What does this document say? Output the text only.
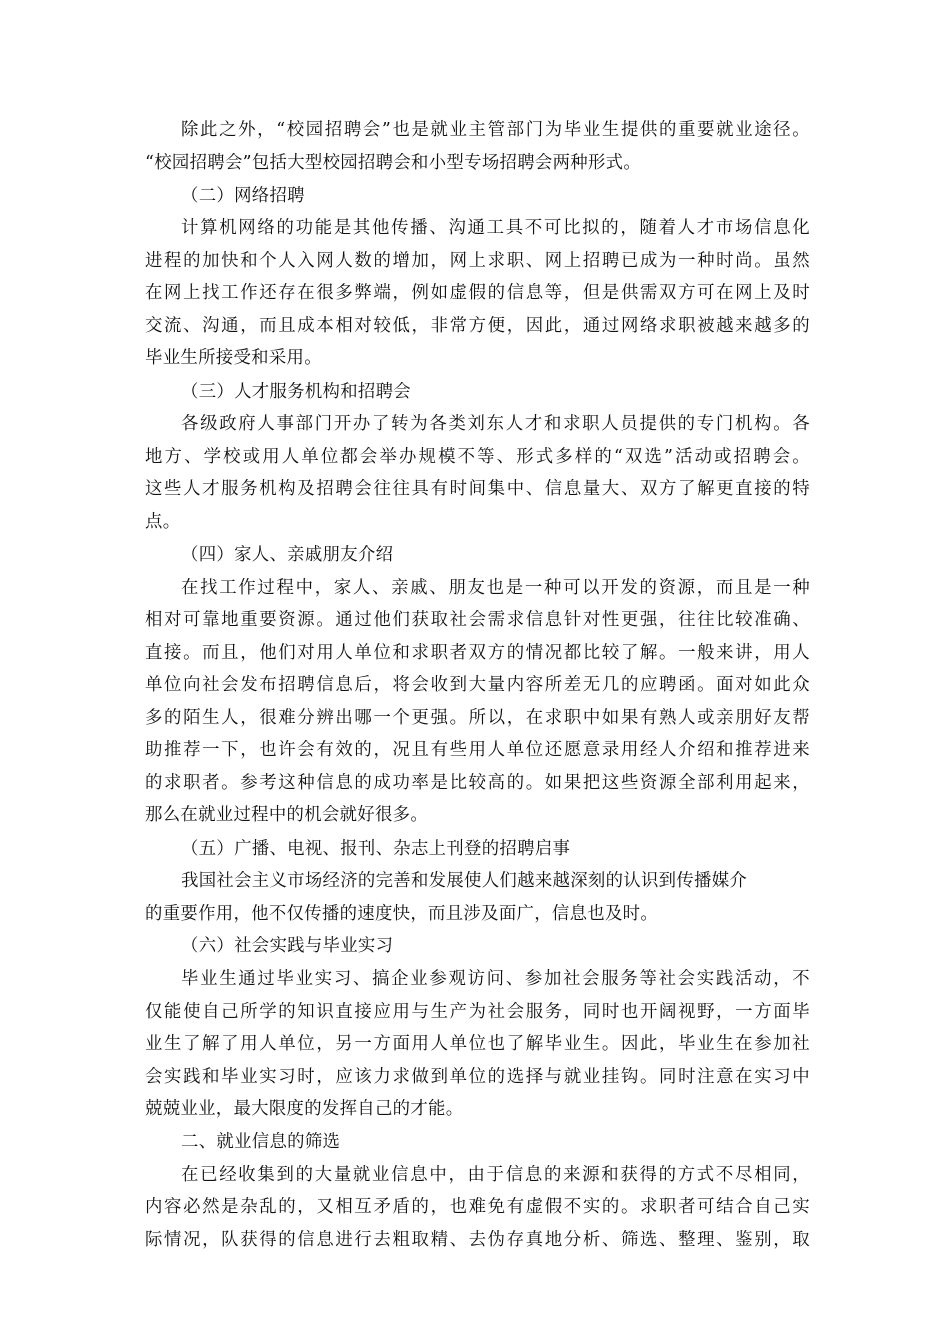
除此之外，“校园招聘会”也是就业主管部门为毕业生提供的重要就业途径。
“校园招聘会”包括大型校园招聘会和小型专场招聘会两种形式。
（二）网络招聘
计算机网络的功能是其他传播、沟通工具不可比拟的，随着人才市场信息化
进程的加快和个人入网人数的增加，网上求职、网上招聘已成为一种时尚。虽然
在网上找工作还存在很多弊端，例如虚假的信息等，但是供需双方可在网上及时
交流、沟通，而且成本相对较低，非常方便，因此，通过网络求职被越来越多的
毕业生所接受和采用。
（三）人才服务机构和招聘会
各级政府人事部门开办了转为各类刘东人才和求职人员提供的专门机构。各
地方、学校或用人单位都会举办规模不等、形式多样的“双选”活动或招聘会。
这些人才服务机构及招聘会往往具有时间集中、信息量大、双方了解更直接的特
点。
（四）家人、亲戚朋友介绍
在找工作过程中，家人、亲戚、朋友也是一种可以开发的资源，而且是一种
相对可靠地重要资源。通过他们获取社会需求信息针对性更强，往往比较准确、
直接。而且，他们对用人单位和求职者双方的情况都比较了解。一般来讲，用人
单位向社会发布招聘信息后，将会收到大量内容所差无几的应聘函。面对如此众
多的陌生人，很难分辨出哪一个更强。所以，在求职中如果有熟人或亲朋好友帮
助推荐一下，也许会有效的，况且有些用人单位还愿意录用经人介绍和推荐进来
的求职者。参考这种信息的成功率是比较高的。如果把这些资源全部利用起来，
那么在就业过程中的机会就好很多。
（五）广播、电视、报刊、杂志上刊登的招聘启事
我国社会主义市场经济的完善和发展使人们越来越深刻的认识到传播媒介
的重要作用，他不仅传播的速度快，而且涉及面广，信息也及时。
（六）社会实践与毕业实习
毕业生通过毕业实习、搞企业参观访问、参加社会服务等社会实践活动，不
仅能使自己所学的知识直接应用与生产为社会服务，同时也开阔视野，一方面毕
业生了解了用人单位，另一方面用人单位也了解毕业生。因此，毕业生在参加社
会实践和毕业实习时，应该力求做到单位的选择与就业挂钩。同时注意在实习中
兢兢业业，最大限度的发挥自己的才能。
二、就业信息的筛选
在已经收集到的大量就业信息中，由于信息的来源和获得的方式不尽相同，
内容必然是杂乱的，又相互矛盾的，也难免有虚假不实的。求职者可结合自己实
际情况，队获得的信息进行去粗取精、去伪存真地分析、筛选、整理、鉴别，取
